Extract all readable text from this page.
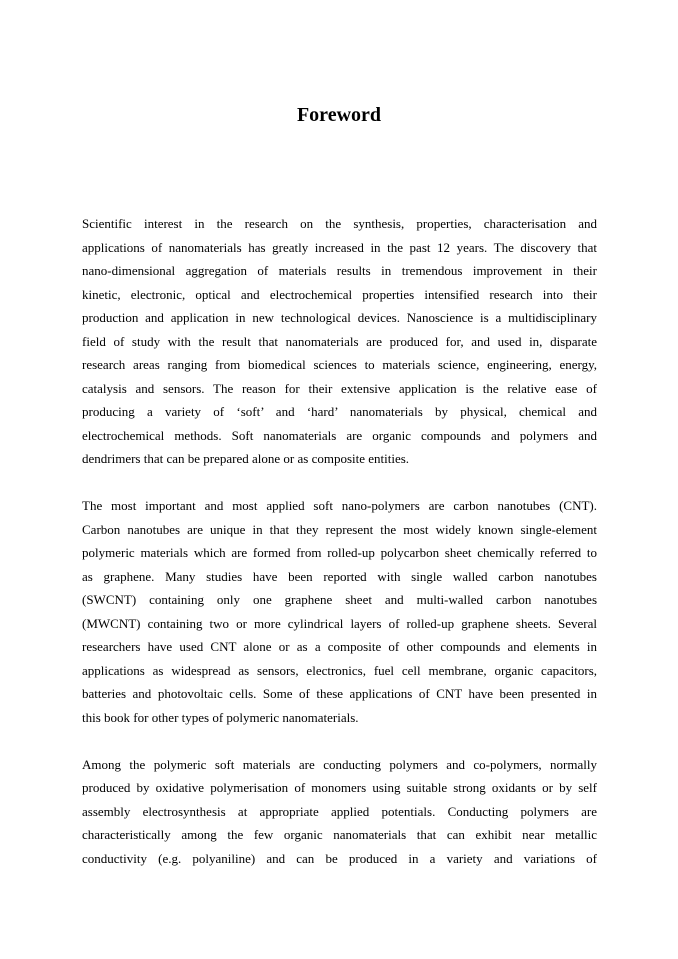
Foreword
Scientific interest in the research on the synthesis, properties, characterisation and
applications of nanomaterials has greatly increased in the past 12 years. The discovery that
nano-dimensional aggregation of materials results in tremendous improvement in their
kinetic, electronic, optical and electrochemical properties intensified research into their
production and application in new technological devices. Nanoscience is a multidisciplinary
field of study with the result that nanomaterials are produced for, and used in, disparate
research areas ranging from biomedical sciences to materials science, engineering, energy,
catalysis and sensors. The reason for their extensive application is the relative ease of
producing a variety of ‘soft’ and ‘hard’ nanomaterials by physical, chemical and
electrochemical methods. Soft nanomaterials are organic compounds and polymers and
dendrimers that can be prepared alone or as composite entities.
The most important and most applied soft nano-polymers are carbon nanotubes (CNT).
Carbon nanotubes are unique in that they represent the most widely known single-element
polymeric materials which are formed from rolled-up polycarbon sheet chemically referred to
as graphene. Many studies have been reported with single walled carbon nanotubes
(SWCNT) containing only one graphene sheet and multi-walled carbon nanotubes
(MWCNT) containing two or more cylindrical layers of rolled-up graphene sheets. Several
researchers have used CNT alone or as a composite of other compounds and elements in
applications as widespread as sensors, electronics, fuel cell membrane, organic capacitors,
batteries and photovoltaic cells. Some of these applications of CNT have been presented in
this book for other types of polymeric nanomaterials.
Among the polymeric soft materials are conducting polymers and co-polymers, normally
produced by oxidative polymerisation of monomers using suitable strong oxidants or by self
assembly electrosynthesis at appropriate applied potentials. Conducting polymers are
characteristically among the few organic nanomaterials that can exhibit near metallic
conductivity (e.g. polyaniline) and can be produced in a variety and variations of
